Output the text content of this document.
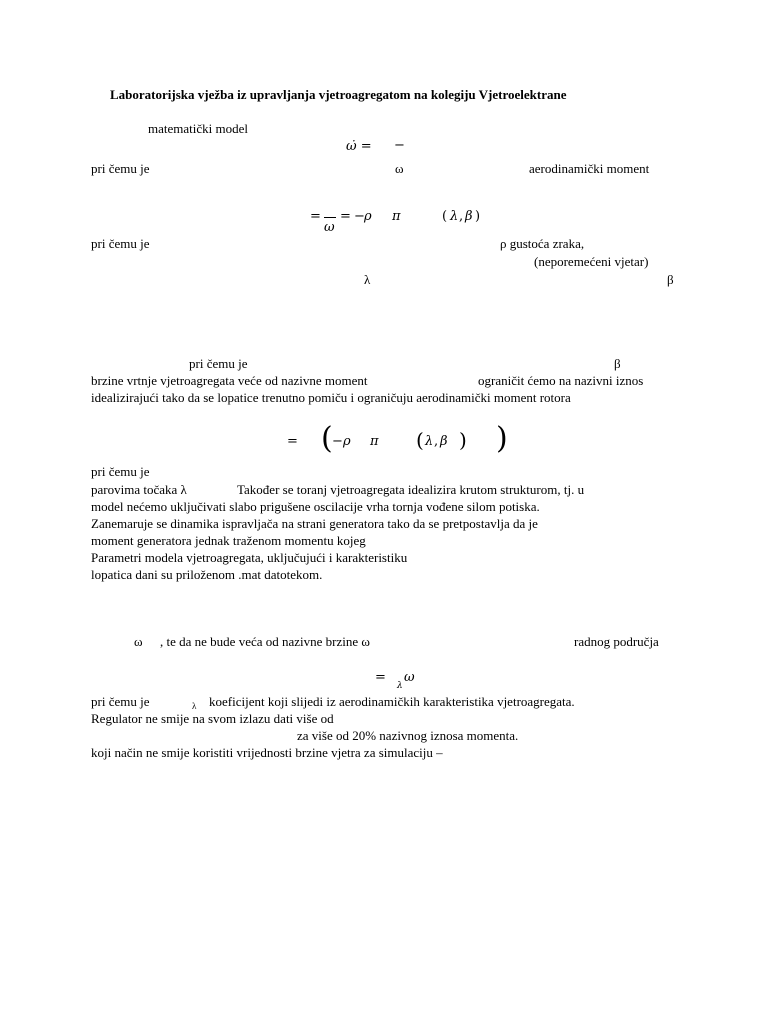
Laboratorijska vježba iz upravljanja vjetroagregatom na kolegiju Vjetroelektrane
matematički model
ω̇ = −
pri čemu je	ω	aerodinamički moment
=
ω
= − ρ π	( λ , β )
pri čemu je	ρ gustoća zraka,
(neporemećeni vjetar)
λ	β
pri čemu je	β
brzine vrtnje vjetroagregata veće od nazivne moment	ograničit ćemo na nazivni iznos
idealizirajući tako da se lopatice trenutno pomiču i ograničuju aerodinamički moment rotora
= ( − ρ π ( λ , β ) )
pri čemu je
parovima točaka λ	Također se toranj vjetroagregata idealizira krutom strukturom, tj. u
model nećemo uključivati slabo prigušene oscilacije vrha tornja vođene silom potiska.
Zanemaruje se dinamika ispravljača na strani generatora tako da se pretpostavlja da je
moment generatora jednak traženom momentu kojeg
Parametri modela vjetroagregata, uključujući i karakteristiku
lopatica dani su priloženom .mat datotekom.
ω , te da ne bude veća od nazivne brzine ω	radnog područja
=
λ
ω
pri čemu je	λ koeficijent koji slijedi iz aerodinamičkih karakteristika vjetroagregata.
Regulator ne smije na svom izlazu dati više od
za više od 20% nazivnog iznosa momenta.
koji način ne smije koristiti vrijednosti brzine vjetra za simulaciju –
